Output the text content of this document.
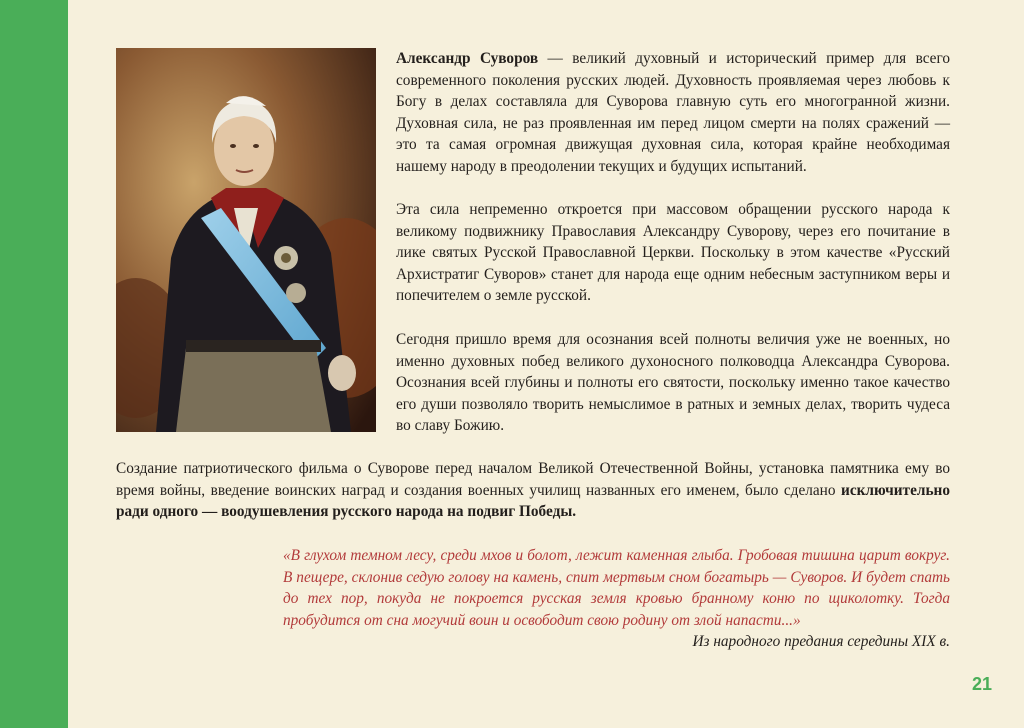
Александр Суворов — великий духовный и исторический пример для всего современного поколения русских людей. Духовность проявляемая через любовь к Богу в делах составляла для Суворова главную суть его многогранной жизни. Духовная сила, не раз проявленная им перед лицом смерти на полях сражений — это та самая огромная движущая духовная сила, которая крайне необходимая нашему народу в преодолении текущих и будущих испытаний.

Эта сила непременно откроется при массовом обращении русского народа к великому подвижнику Православия Александру Суворову, через его почитание в лике святых Русской Православной Церкви. Поскольку в этом качестве «Русский Архистратиг Суворов» станет для народа еще одним небесным заступником веры и попечителем о земле русской.

Сегодня пришло время для осознания всей полноты величия уже не военных, но именно духовных побед великого духоносного полководца Александра Суворова. Осознания всей глубины и полноты его святости, поскольку именно такое качество его души позволяло творить немыслимое в ратных и земных делах, творить чудеса во славу Божию.

Создание патриотического фильма о Суворове перед началом Великой Отечественной Войны, установка памятника ему во время войны, введение воинских наград и создания военных училищ названных его именем, было сделано исключительно ради одного — воодушевления русского народа на подвиг Победы.

«В глухом темном лесу, среди мхов и болот, лежит каменная глыба. Гробовая тишина царит вокруг. В пещере, склонив седую голову на камень, спит мертвым сном богатырь — Суворов. И будет спать до тех пор, покуда не покроется русская земля кровью бранному коню по щиколотку. Тогда пробудится от сна могучий воин и освободит свою родину от злой напасти...»

Из народного предания середины XIX в.

21
